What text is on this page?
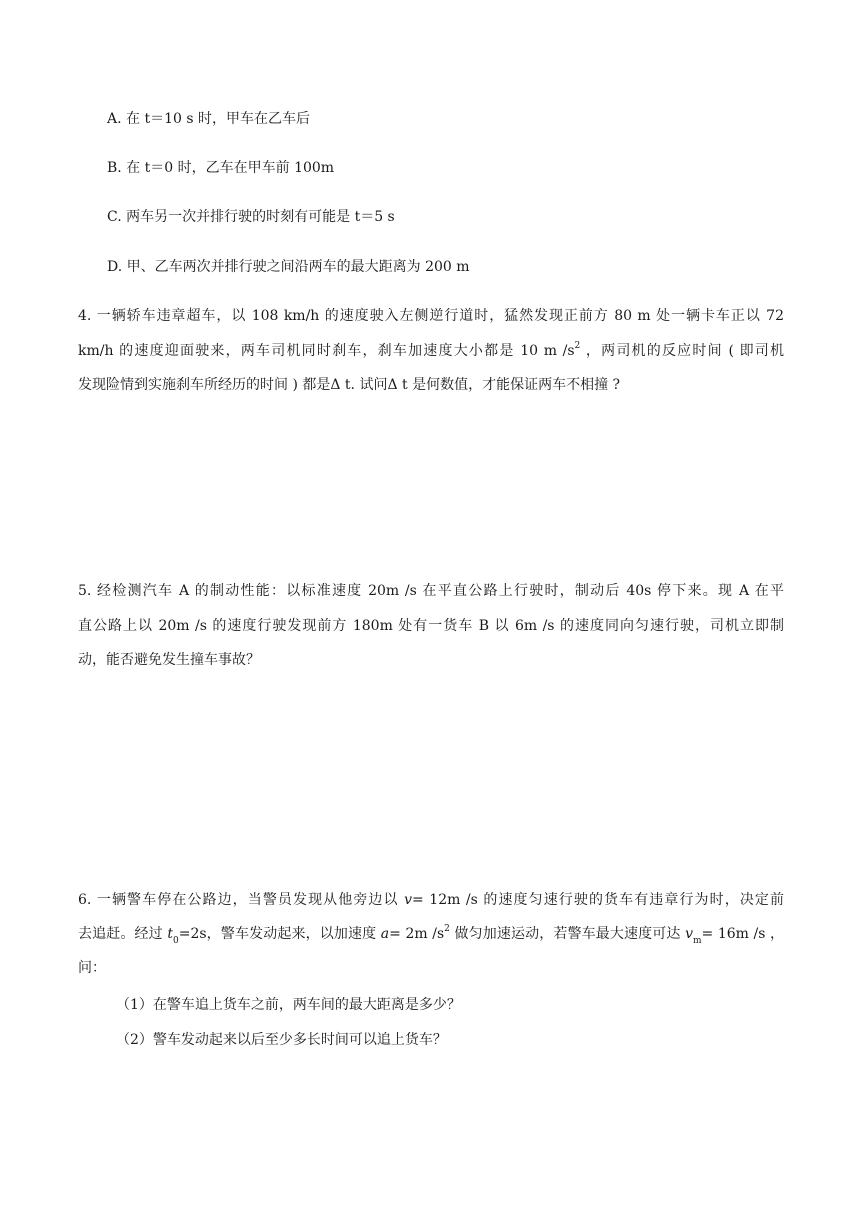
A. 在 t＝10 s 时，甲车在乙车后
B. 在 t＝0 时，乙车在甲车前 100m
C. 两车另一次并排行驶的时刻有可能是 t＝5 s
D. 甲、乙车两次并排行驶之间沿两车的最大距离为 200 m
4. 一辆轿车违章超车，以 108 km/h 的速度驶入左侧逆行道时，猛然发现正前方 80 m 处一辆卡车正以 72
km/h 的速度迎面驶来，两车司机同时刹车，刹车加速度大小都是 10 m $/s^2$ ，两司机的反应时间 ( 即司机
发现险情到实施刹车所经历的时间 ) 都是Δ t. 试问Δ t 是何数值，才能保证两车不相撞 ?
5. 经检测汽车 A 的制动性能：以标准速度 20m /s 在平直公路上行驶时，制动后 40s 停下来。现 A 在平
直公路上以 20m /s 的速度行驶发现前方 180m 处有一货车 B 以 6m /s 的速度同向匀速行驶，司机立即制
动，能否避免发生撞车事故？
6. 一辆警车停在公路边，当警员发现从他旁边以 v= 12m /s 的速度匀速行驶的货车有违章行为时，决定前
去追赶。经过 $t_0=2s$，警车发动起来，以加速度 a= 2m $/s^2$ 做匀加速运动，若警车最大速度可达 $v_m= 16m$ /s ，
问：
（1）在警车追上货车之前，两车间的最大距离是多少？
（2）警车发动起来以后至少多长时间可以追上货车？
